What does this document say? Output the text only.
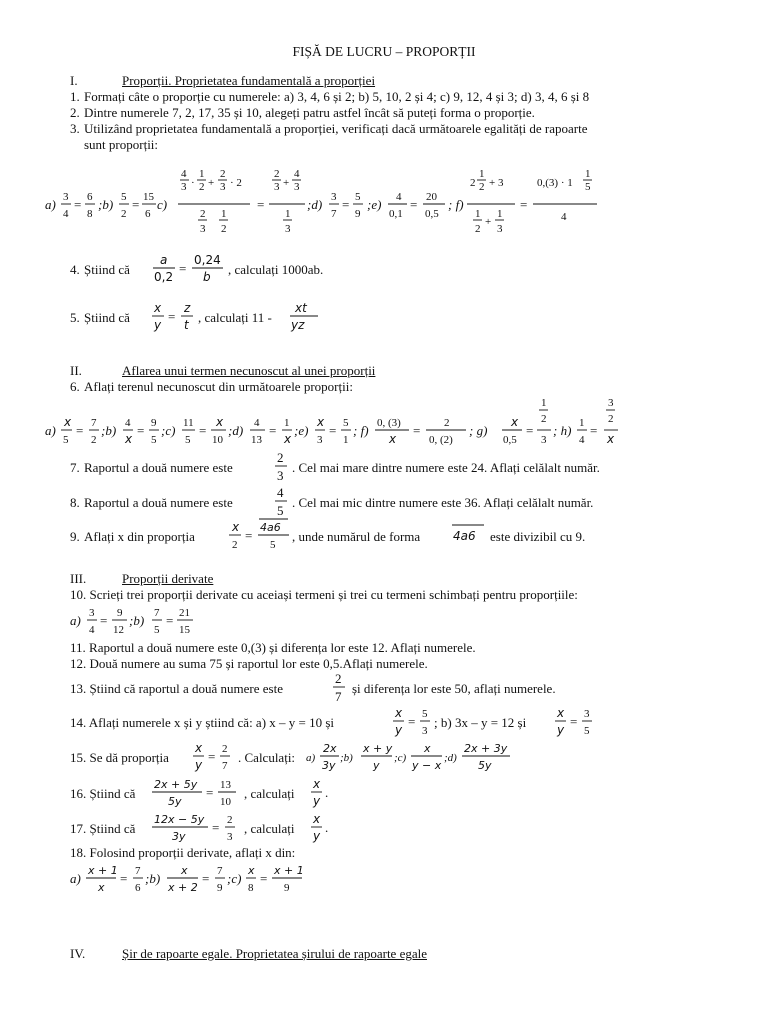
FIȘĂ DE LUCRU – PROPORȚII
I.	Proporții. Proprietatea fundamentală a proporției
1. Formați câte o proporție cu numerele: a) 3, 4, 6 și 2; b) 5, 10, 2 și 4; c) 9, 12, 4 și 3; d) 3, 4, 6 și 8
2. Dintre numerele 7, 2, 17, 35 și 10, alegeți patru astfel încât să puteți forma o proporție.
3. Utilizând proprietatea fundamentală a proporției, verificați dacă următoarele egalități de rapoarte
sunt proporții:
a) 3
4
= 6
8
;b) 5
2
= 15
6
c)
4
3 ·
1
2 +
2
3 · 2
2
3
1
2
=
2
3 +
4
3
1
3
;d) 3
7
= 5
9
;e) 4
0,1
= 20
0,5
; f)
2
1
2 + 3
1
2
+
1
3
=
0,(3) · 1
1
5
4
4. Știind că
a
0,2
=
0,24
b , calculați 1000ab.
5. Știind că
x
y
=
z
t , calculați 11 -
xt
yz
II.	Aflarea unui termen necunoscut al unei proporții
6. Aflați terenul necunoscut din următoarele proporții:
a)
x
5
= 7
2
;b) 4
x
= 9
5
;c) 11
5
=
x
10
;d) 4
13
= 1
x
;e)
x
3
= 5
1
; f) 0, (3)
x
= 2
0, (2)
; g)
x
0,5
=
1
2
3
; h) 1
4
=
3
2
x
7. Raportul a două numere este
2
3
. Cel mai mare dintre numere este 24. Aflați celălalt număr.
8. Raportul a două numere este
4
5
. Cel mai mic dintre numere este 36. Aflați celălalt număr.
9. Aflați x din proporția
x
2
=
4a6
5
, unde numărul de forma	4a6 este divizibil cu 9.
III.	Proporții derivate
10. Scrieți trei proporții derivate cu aceiași termeni și trei cu termeni schimbați pentru proporțiile:
a) 3
4
= 9
12
;b) 7
5
= 21
15
11. Raportul a două numere este 0,(3) și diferența lor este 12. Aflați numerele.
12. Două numere au suma 75 și raportul lor este 0,5.Aflați numerele.
13. Știind că raportul a două numere este
2
7
și diferența lor este 50, aflați numerele.
14. Aflați numerele x și y știind că: a) x – y = 10 și
x
y
= 5
3
; b) 3x – y = 12 și
x
y
= 3
5
15. Se dă proporția
x
y
= 2
7
. Calculați: a)
2x
3y
;b)
x + y
y
;c)
x
y − x
;d)
2x + 3y
5y
16. Știind că
2x + 5y
5y
= 13
10
, calculați
x
y
.
17. Știind că
12x − 5y
3y
= 2
3
, calculați
x
y
.
18. Folosind proporții derivate, aflați x din:
a)
x + 1
x
= 7
6
;b)
x
x + 2
= 7
9
;c)
x
8
=
x + 1
9
IV.	Șir de rapoarte egale. Proprietatea șirului de rapoarte egale
